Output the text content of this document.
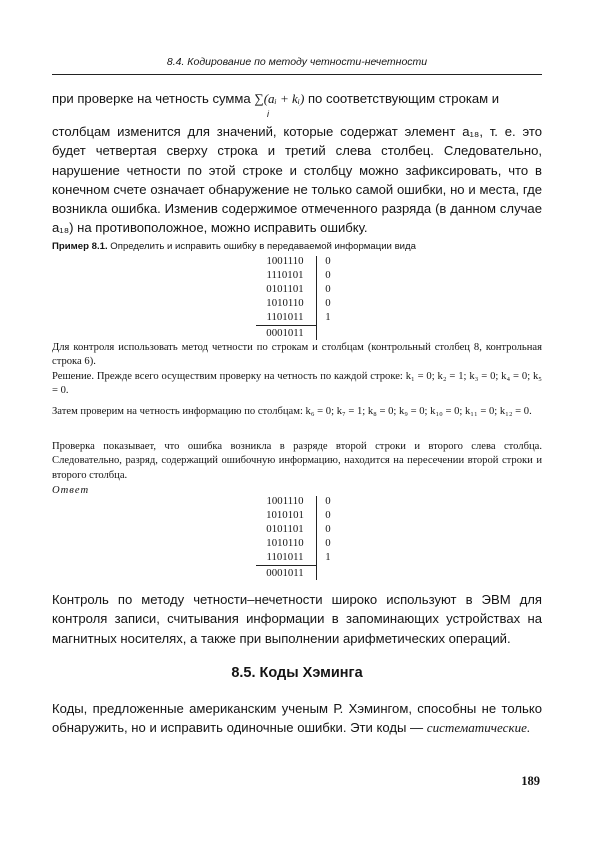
8.4. Кодирование по методу четности-нечетности
при проверке на четность сумма ∑(aᵢ + kᵢ) по соответствующим строкам и
i
столбцам изменится для значений, которые содержат элемент a₁₈, т. е. это будет четвертая сверху строка и третий слева столбец. Следовательно, нарушение четности по этой строке и столбцу можно зафиксировать, что в конечном счете означает обнаружение не только самой ошибки, но и места, где возникла ошибка. Изменив содержимое отмеченного разряда (в данном случае a₁₈) на противоположное, можно исправить ошибку.
Пример 8.1. Определить и исправить ошибку в передаваемой информации вида
1001110	0
1110101	0
0101101	0
1010110	0
1101011	1
0001011
Для контроля использовать метод четности по строкам и столбцам (контрольный столбец 8, контрольная строка 6).
Решение. Прежде всего осуществим проверку на четность по каждой строке: k₁ = 0; k₂ = 1; k₃ = 0; k₄ = 0; k₅ = 0.
Затем проверим на четность информацию по столбцам: k₆ = 0; k₇ = 1; k₈ = 0; k₉ = 0; k₁₀ = 0; k₁₁ = 0; k₁₂ = 0.
Проверка показывает, что ошибка возникла в разряде второй строки и второго слева столбца. Следовательно, разряд, содержащий ошибочную информацию, находится на пересечении второй строки и второго столбца.
Ответ
1001110	0
1010101	0
0101101	0
1010110	0
1101011	1
0001011
Контроль по методу четности–нечетности широко используют в ЭВМ для контроля записи, считывания информации в запоминающих устройствах на магнитных носителях, а также при выполнении арифметических операций.
8.5. Коды Хэминга
Коды, предложенные американским ученым Р. Хэмингом, способны не только обнаружить, но и исправить одиночные ошибки. Эти коды — систематические.
189
